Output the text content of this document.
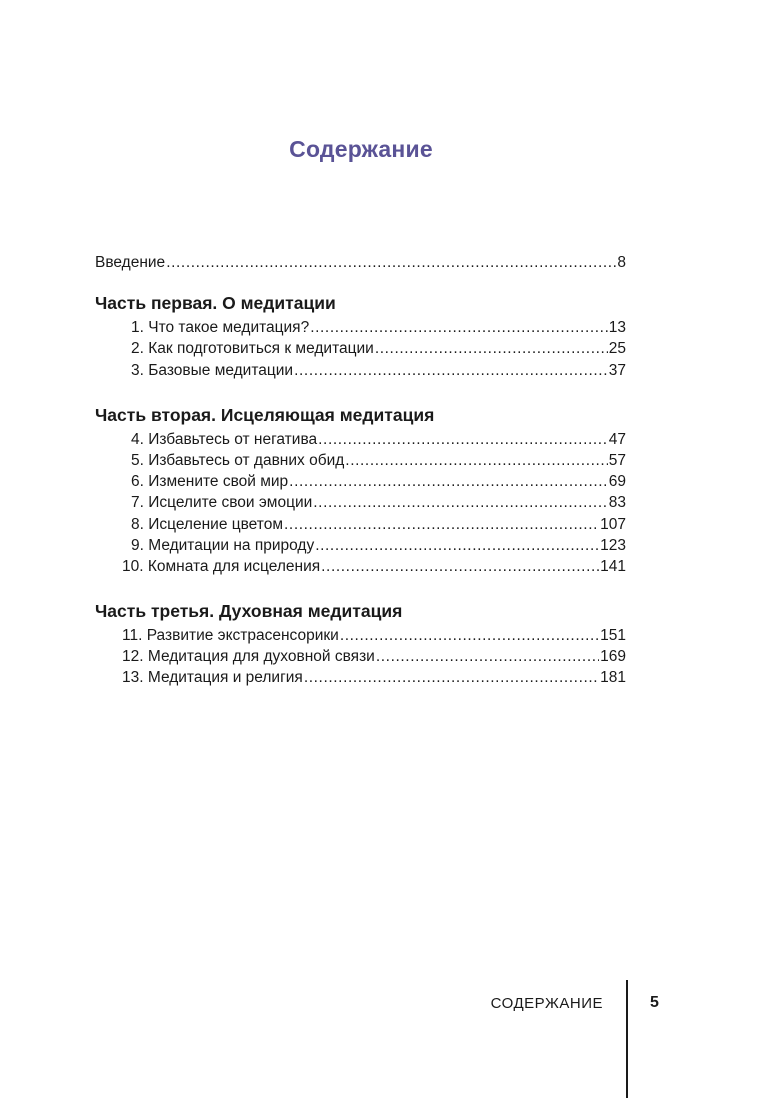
Содержание
Введение .....	8
Часть первая. О медитации
1. Что такое медитация? .....	13
2. Как подготовиться к медитации .....	25
3. Базовые медитации .....	37
Часть вторая. Исцеляющая медитация
4. Избавьтесь от негатива .....	47
5. Избавьтесь от давних обид .....	57
6. Измените свой мир .....	69
7. Исцелите свои эмоции .....	83
8. Исцеление цветом .....	107
9. Медитации на природу .....	123
10. Комната для исцеления .....	141
Часть третья. Духовная медитация
11. Развитие экстрасенсорики .....	151
12. Медитация для духовной связи .....	169
13. Медитация и религия .....	181
СОДЕРЖАНИЕ	5
